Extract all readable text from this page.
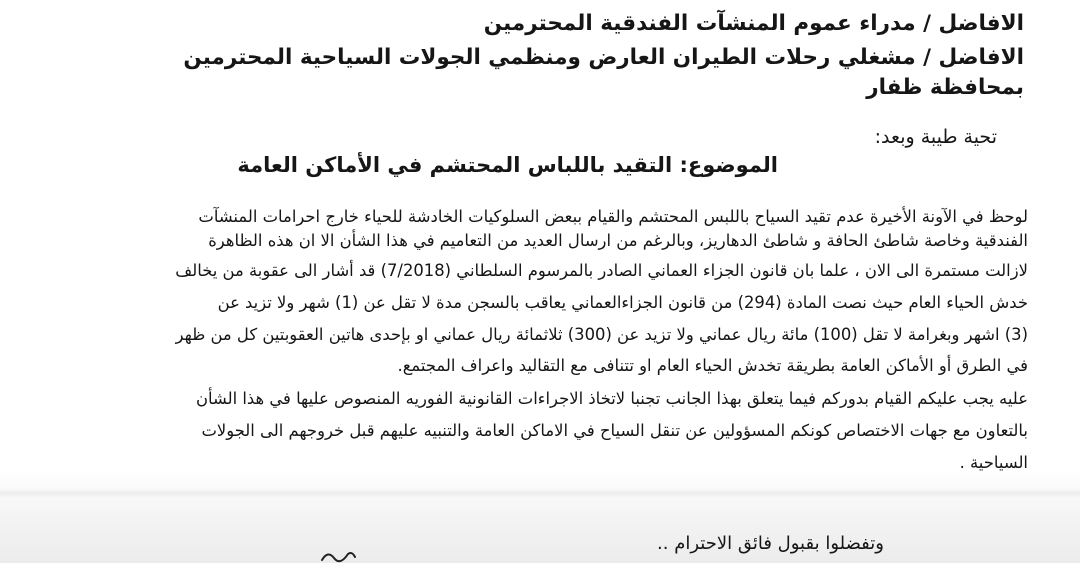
الافاضل / مدراء عموم المنشآت الفندقية المحترمين
الافاضل / مشغلي رحلات الطيران العارض ومنظمي الجولات السياحية المحترمين
بمحافظة ظفار
تحية طيبة وبعد:
الموضوع: التقيد باللباس المحتشم في الأماكن العامة
لوحظ في الآونة الأخيرة عدم تقيد السياح باللبس المحتشم والقيام ببعض السلوكيات الخادشة للحياء خارج احرامات المنشآت
الفندقية وخاصة شاطئ الحافة و شاطئ الدهاريز، وبالرغم من ارسال العديد من التعاميم في هذا الشأن الا ان هذه الظاهرة
لازالت مستمرة الى الان ، علما بان قانون الجزاء العماني الصادر بالمرسوم السلطاني (7/2018) قد أشار الى عقوبة من يخالف
خدش الحياء العام حيث نصت المادة (294) من قانون الجزاءالعماني يعاقب بالسجن مدة لا تقل عن (1) شهر ولا تزيد عن
(3) اشهر وبغرامة لا تقل (100) مائة ريال عماني ولا تزيد عن (300) ثلاثمائة ريال عماني او بإحدى هاتين العقوبتين كل من ظهر
في الطرق أو الأماكن العامة بطريقة تخدش الحياء العام او تتنافى مع التقاليد واعراف المجتمع.
عليه يجب عليكم القيام بدوركم فيما يتعلق بهذا الجانب تجنبا لاتخاذ الاجراءات القانونية الفوريه المنصوص عليها في هذا الشأن
بالتعاون مع جهات الاختصاص كونكم المسؤولين عن تنقل السياح في الاماكن العامة والتنبيه عليهم قبل خروجهم الى الجولات
السياحية .
وتفضلوا بقبول فائق الاحترام ..
